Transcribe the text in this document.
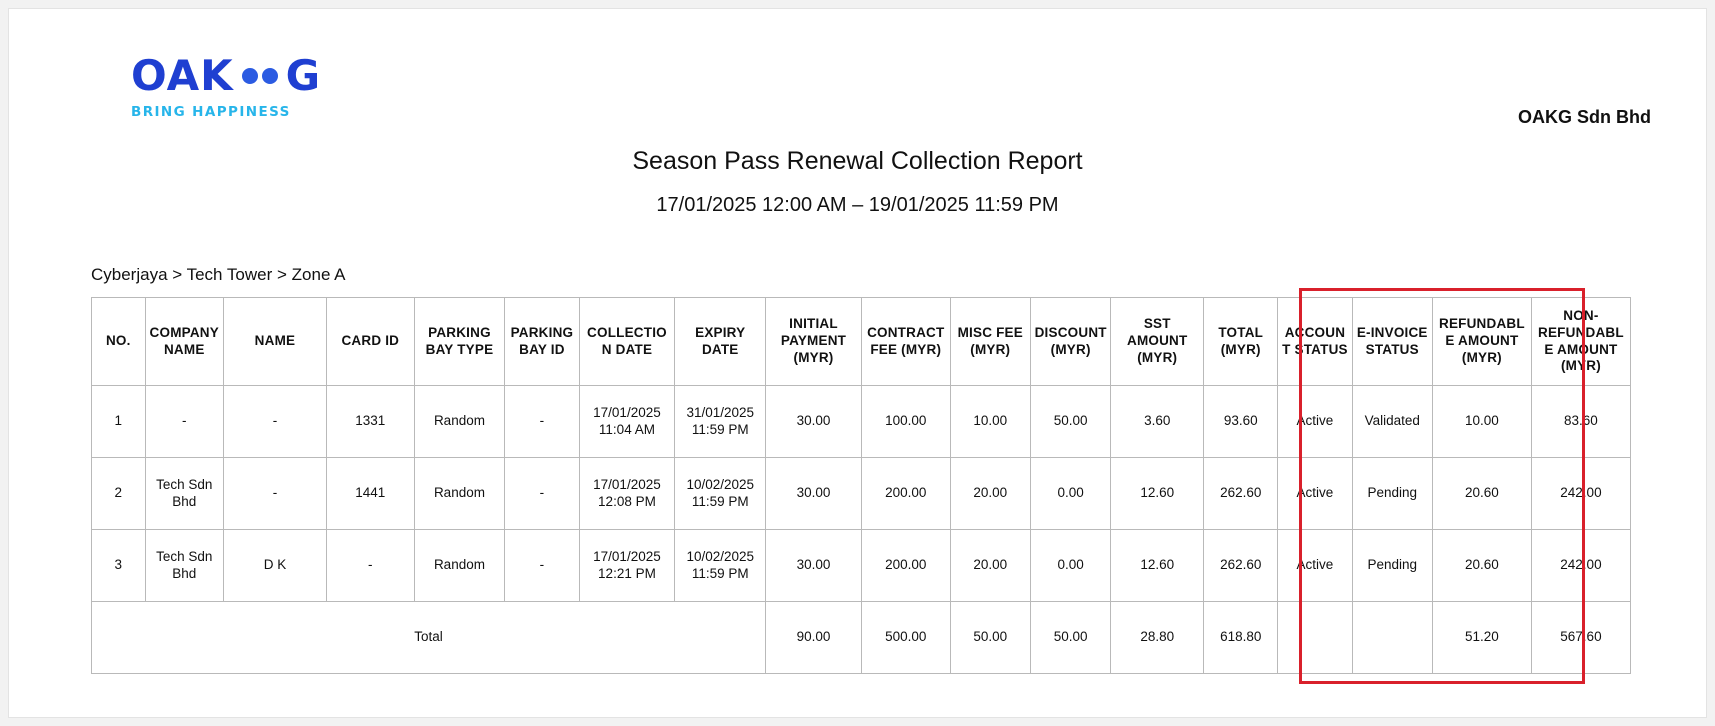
OAK G
BRING HAPPINESS	OAKG Sdn Bhd
Season Pass Renewal Collection Report
17/01/2025 12:00 AM – 19/01/2025 11:59 PM
Cyberjaya > Tech Tower > Zone A
NO.	COMPANY NAME	NAME	CARD ID	PARKING BAY TYPE	PARKING BAY ID	COLLECTION DATE	EXPIRY DATE	INITIAL PAYMENT (MYR)	CONTRACT FEE (MYR)	MISC FEE (MYR)	DISCOUNT (MYR)	SST AMOUNT (MYR)	TOTAL (MYR)	ACCOUNT STATUS	E-INVOICE STATUS	REFUNDABLE AMOUNT (MYR)	NON-REFUNDABLE AMOUNT (MYR)
1	-	-	1331	Random	-	17/01/2025 11:04 AM	31/01/2025 11:59 PM	30.00	100.00	10.00	50.00	3.60	93.60	Active	Validated	10.00	83.60
2	Tech Sdn Bhd	-	1441	Random	-	17/01/2025 12:08 PM	10/02/2025 11:59 PM	30.00	200.00	20.00	0.00	12.60	262.60	Active	Pending	20.60	242.00
3	Tech Sdn Bhd	D K	-	Random	-	17/01/2025 12:21 PM	10/02/2025 11:59 PM	30.00	200.00	20.00	0.00	12.60	262.60	Active	Pending	20.60	242.00
Total								90.00	500.00	50.00	50.00	28.80	618.80			51.20	567.60
